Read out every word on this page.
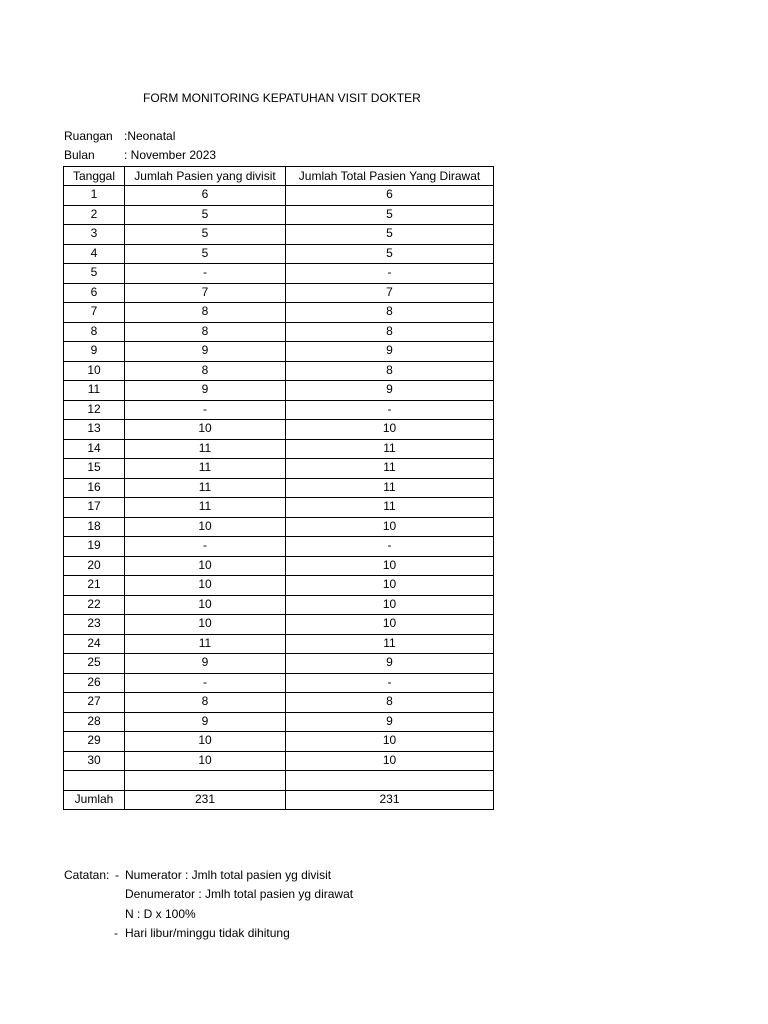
FORM MONITORING KEPATUHAN VISIT DOKTER
Ruangan :Neonatal
Bulan : November 2023
Tanggal	Jumlah Pasien yang divisit	Jumlah Total Pasien Yang Dirawat
1	6	6
2	5	5
3	5	5
4	5	5
5	-	-
6	7	7
7	8	8
8	8	8
9	9	9
10	8	8
11	9	9
12	-	-
13	10	10
14	11	11
15	11	11
16	11	11
17	11	11
18	10	10
19	-	-
20	10	10
21	10	10
22	10	10
23	10	10
24	11	11
25	9	9
26	-	-
27	8	8
28	9	9
29	10	10
30	10	10

Jumlah	231	231
Catatan: - Numerator : Jmlh total pasien yg divisit
Denumerator : Jmlh total pasien yg dirawat
N : D x 100%
- Hari libur/minggu tidak dihitung
